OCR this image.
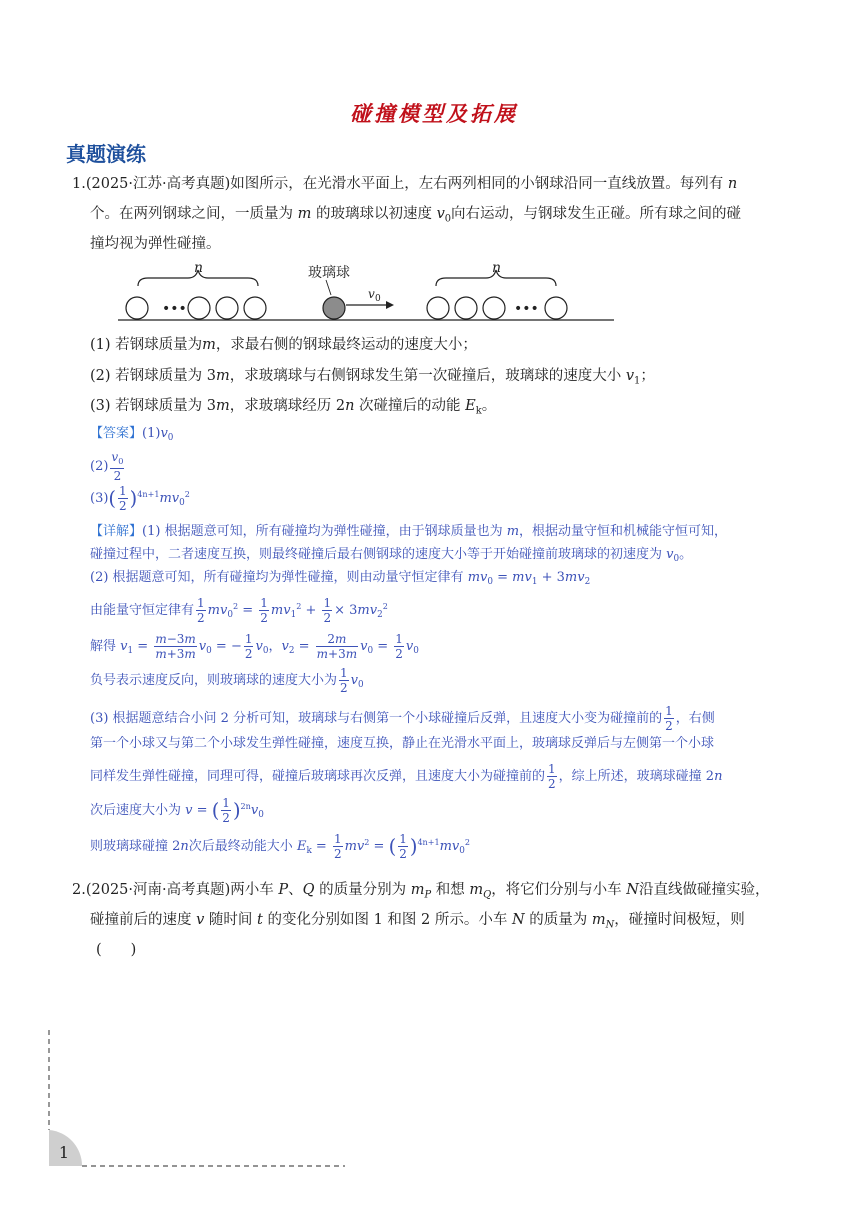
碰撞模型及拓展
真题演练
1.(2025·江苏·高考真题)如图所示，在光滑水平面上，左右两列相同的小钢球沿同一直线放置。每列有 n
个。在两列钢球之间，一质量为 m 的玻璃球以初速度 $v_0$向右运动，与钢球发生正碰。所有球之间的碰
撞均视为弹性碰撞。
•••	•••
n	n
玻璃球
v 0
(1) 若钢球质量为m，求最右侧的钢球最终运动的速度大小；
(2) 若钢球质量为 3m，求玻璃球与右侧钢球发生第一次碰撞后，玻璃球的速度大小 $v_1$；
(3) 若钢球质量为 3m，求玻璃球经历 2n 次碰撞后的动能 $E_k$。
【答案】$(1)v_0$
$(2) \frac{v_0}{2}$
$(3)( \frac{1}{2} )^{4n+1}mv_0^2$
【详解】(1) 根据题意可知，所有碰撞均为弹性碰撞，由于钢球质量也为 m，根据动量守恒和机械能守恒可知，
碰撞过程中，二者速度互换，则最终碰撞后最右侧钢球的速度大小等于开始碰撞前玻璃球的初速度为 $v_0$。
(2) 根据题意可知，所有碰撞均为弹性碰撞，则由动量守恒定律有 $mv_0 = mv_1 + 3mv_2$
由能量守恒定律有 $\frac{1}{2} mv_0^2 = \frac{1}{2} mv_1^2 + \frac{1}{2} \times 3mv_2^2$
解得 $v_1 = \frac{m-3m}{m+3m} v_0$ = − $\frac{1}{2} v_0$，$v_2 = \frac{2m}{m+3m} v_0 = \frac{1}{2} v_0$
负号表示速度反向，则玻璃球的速度大小为 $\frac{1}{2} v_0$
(3) 根据题意结合小问 2 分析可知，玻璃球与右侧第一个小球碰撞后反弹，且速度大小变为碰撞前的 $\frac{1}{2}$ ，右侧
第一个小球又与第二个小球发生弹性碰撞，速度互换，静止在光滑水平面上，玻璃球反弹后与左侧第一个小球
同样发生弹性碰撞，同理可得，碰撞后玻璃球再次反弹，且速度大小为碰撞前的 $\frac{1}{2}$ ，综上所述，玻璃球碰撞 2n
次后速度大小为 v = ( $\frac{1}{2} )^{2n}v_0$
则玻璃球碰撞 2n次后最终动能大小 $E_k = \frac{1}{2} mv^2$ = ( $\frac{1}{2} )^{4n+1}mv_0^2$
2.(2025·河南·高考真题)两小车 P、Q 的质量分别为 $m_P$ 和想 $m_Q$，将它们分别与小车 N沿直线做碰撞实验，
碰撞前后的速度 v 随时间 t 的变化分别如图 1 和图 2 所示。小车 N 的质量为 $m_N$，碰撞时间极短，则
(　　)
1
